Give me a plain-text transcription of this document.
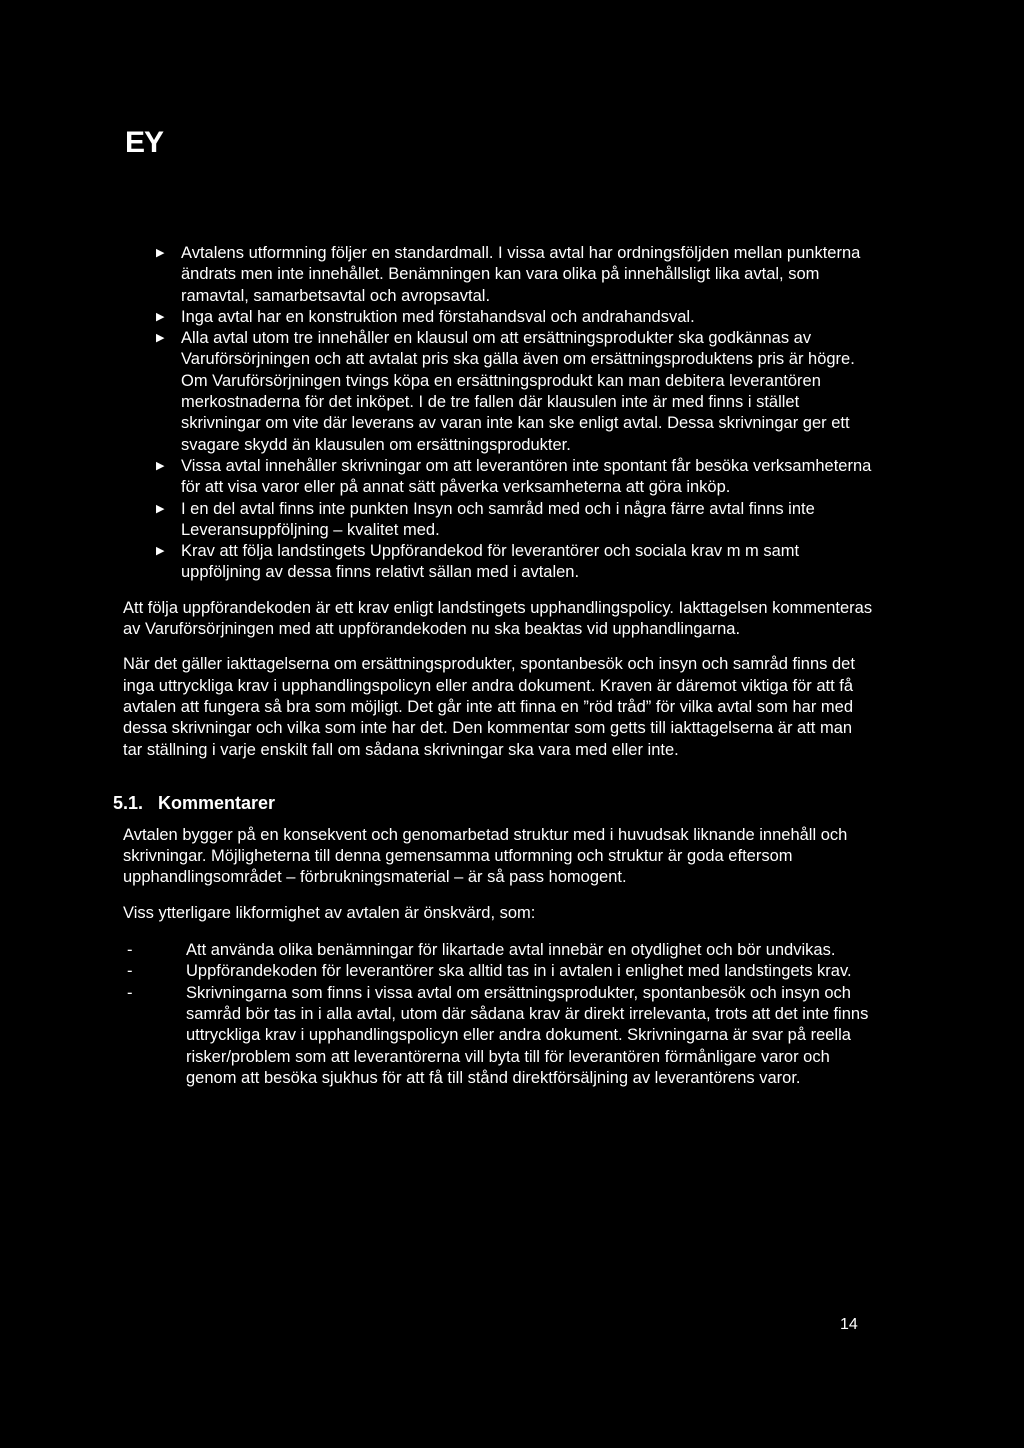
EY
▶ Avtalens utformning följer en standardmall. I vissa avtal har ordningsföljden mellan punkterna ändrats men inte innehållet. Benämningen kan vara olika på innehållsligt lika avtal, som ramavtal, samarbetsavtal och avropsavtal.
▶ Inga avtal har en konstruktion med förstahandsval och andrahandsval.
▶ Alla avtal utom tre innehåller en klausul om att ersättningsprodukter ska godkännas av Varuförsörjningen och att avtalat pris ska gälla även om ersättningsproduktens pris är högre. Om Varuförsörjningen tvings köpa en ersättningsprodukt kan man debitera leverantören merkostnaderna för det inköpet. I de tre fallen där klausulen inte är med finns i stället skrivningar om vite där leverans av varan inte kan ske enligt avtal. Dessa skrivningar ger ett svagare skydd än klausulen om ersättningsprodukter.
▶ Vissa avtal innehåller skrivningar om att leverantören inte spontant får besöka verksamheterna för att visa varor eller på annat sätt påverka verksamheterna att göra inköp.
▶ I en del avtal finns inte punkten Insyn och samråd med och i några färre avtal finns inte Leveransuppföljning – kvalitet med.
▶ Krav att följa landstingets Uppförandekod för leverantörer och sociala krav m m samt uppföljning av dessa finns relativt sällan med i avtalen.

Att följa uppförandekoden är ett krav enligt landstingets upphandlingspolicy. Iakttagelsen kommenteras av Varuförsörjningen med att uppförandekoden nu ska beaktas vid upphandlingarna.

När det gäller iakttagelserna om ersättningsprodukter, spontanbesök och insyn och samråd finns det inga uttryckliga krav i upphandlingspolicyn eller andra dokument. Kraven är däremot viktiga för att få avtalen att fungera så bra som möjligt. Det går inte att finna en ”röd tråd” för vilka avtal som har med dessa skrivningar och vilka som inte har det. Den kommentar som getts till iakttagelserna är att man tar ställning i varje enskilt fall om sådana skrivningar ska vara med eller inte.

5.1. Kommentarer

Avtalen bygger på en konsekvent och genomarbetad struktur med i huvudsak liknande innehåll och skrivningar. Möjligheterna till denna gemensamma utformning och struktur är goda eftersom upphandlingsområdet – förbrukningsmaterial – är så pass homogent.

Viss ytterligare likformighet av avtalen är önskvärd, som:

-	Att använda olika benämningar för likartade avtal innebär en otydlighet och bör undvikas.
-	Uppförandekoden för leverantörer ska alltid tas in i avtalen i enlighet med landstingets krav.
-	Skrivningarna som finns i vissa avtal om ersättningsprodukter, spontanbesök och insyn och samråd bör tas in i alla avtal, utom där sådana krav är direkt irrelevanta, trots att det inte finns uttryckliga krav i upphandlingspolicyn eller andra dokument. Skrivningarna är svar på reella risker/problem som att leverantörerna vill byta till för leverantören förmånligare varor och genom att besöka sjukhus för att få till stånd direktförsäljning av leverantörens varor.
14
